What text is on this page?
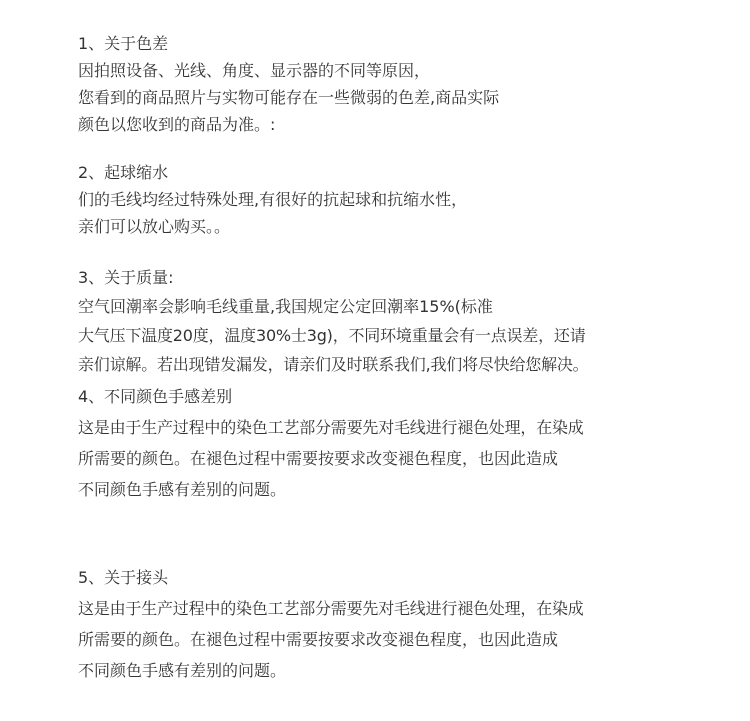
1、关于色差
因拍照设备、光线、角度、显示器的不同等原因，
您看到的商品照片与实物可能存在一些微弱的色差,商品实际
颜色以您收到的商品为准。:
2、起球缩水
们的毛线均经过特殊处理,有很好的抗起球和抗缩水性，
亲们可以放心购买。。
3、关于质量:
空气回潮率会影响毛线重量,我国规定公定回潮率15%(标准
大气压下温度20度，温度30%士3g)，不同环境重量会有一点误差，还请
亲们谅解。若出现错发漏发，请亲们及时联系我们,我们将尽快给您解决。
4、不同颜色手感差别
这是由于生产过程中的染色工艺部分需要先对毛线进行褪色处理，在染成
所需要的颜色。在褪色过程中需要按要求改变褪色程度，也因此造成
不同颜色手感有差别的问题。
5、关于接头
这是由于生产过程中的染色工艺部分需要先对毛线进行褪色处理，在染成
所需要的颜色。在褪色过程中需要按要求改变褪色程度，也因此造成
不同颜色手感有差别的问题。
